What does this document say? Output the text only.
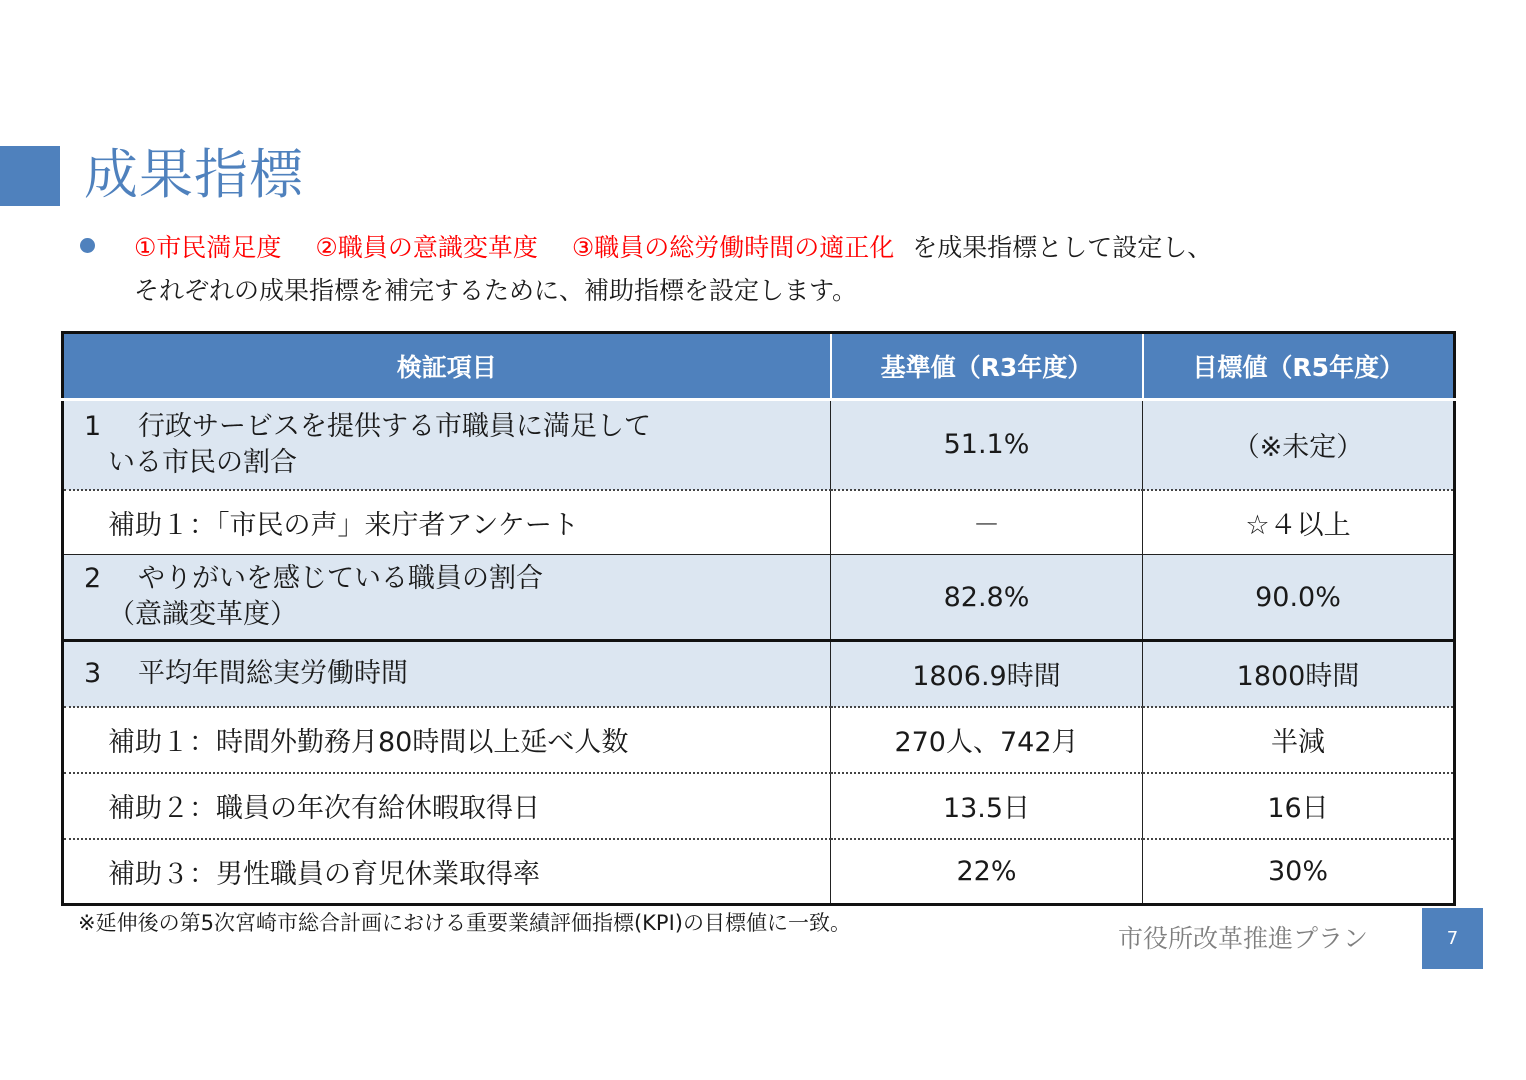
成果指標
①市民満足度 ②職員の意識変革度 ③職員の総労働時間の適正化 を成果指標として設定し、
それぞれの成果指標を補完するために、補助指標を設定します。
検証項目	基準値（R3年度）	目標値（R5年度）
1 行政サービスを提供する市職員に満足して
いる市民の割合	51.1%	（※未定）
補助１：「市民の声」来庁者アンケート	－	☆４以上
2 やりがいを感じている職員の割合
（意識変革度）	82.8%	90.0%
3 平均年間総実労働時間	1806.9時間	1800時間
補助１：時間外勤務月80時間以上延べ人数	270人、742月	半減
補助２：職員の年次有給休暇取得日	13.5日	16日
補助３：男性職員の育児休業取得率	22%	30%
※延伸後の第5次宮崎市総合計画における重要業績評価指標(KPI)の目標値に一致。
市役所改革推進プラン	7
